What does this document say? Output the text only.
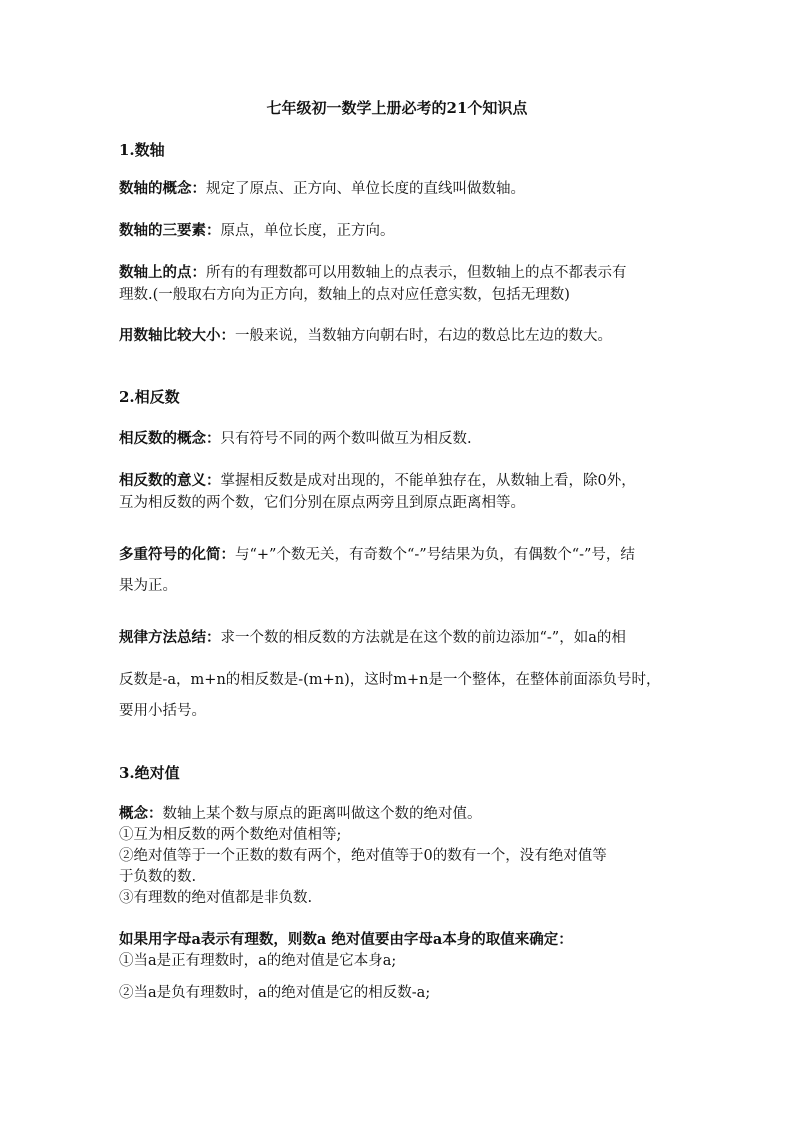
七年级初一数学上册必考的21个知识点
1.数轴
数轴的概念：规定了原点、正方向、单位长度的直线叫做数轴。
数轴的三要素：原点，单位长度，正方向。
数轴上的点：所有的有理数都可以用数轴上的点表示，但数轴上的点不都表示有
理数.(一般取右方向为正方向，数轴上的点对应任意实数，包括无理数)
用数轴比较大小：一般来说，当数轴方向朝右时，右边的数总比左边的数大。
2.相反数
相反数的概念：只有符号不同的两个数叫做互为相反数.
相反数的意义：掌握相反数是成对出现的，不能单独存在，从数轴上看，除0外，
互为相反数的两个数，它们分别在原点两旁且到原点距离相等。
多重符号的化简：与“+”个数无关，有奇数个“-”号结果为负，有偶数个“-”号，结
果为正。
规律方法总结：求一个数的相反数的方法就是在这个数的前边添加“-”，如a的相
反数是-a，m+n的相反数是-(m+n)，这时m+n是一个整体，在整体前面添负号时，
要用小括号。
3.绝对值
概念：数轴上某个数与原点的距离叫做这个数的绝对值。
①互为相反数的两个数绝对值相等;
②绝对值等于一个正数的数有两个，绝对值等于0的数有一个，没有绝对值等
于负数的数.
③有理数的绝对值都是非负数.
如果用字母a表示有理数，则数a 绝对值要由字母a本身的取值来确定：
①当a是正有理数时，a的绝对值是它本身a;
②当a是负有理数时，a的绝对值是它的相反数-a;
